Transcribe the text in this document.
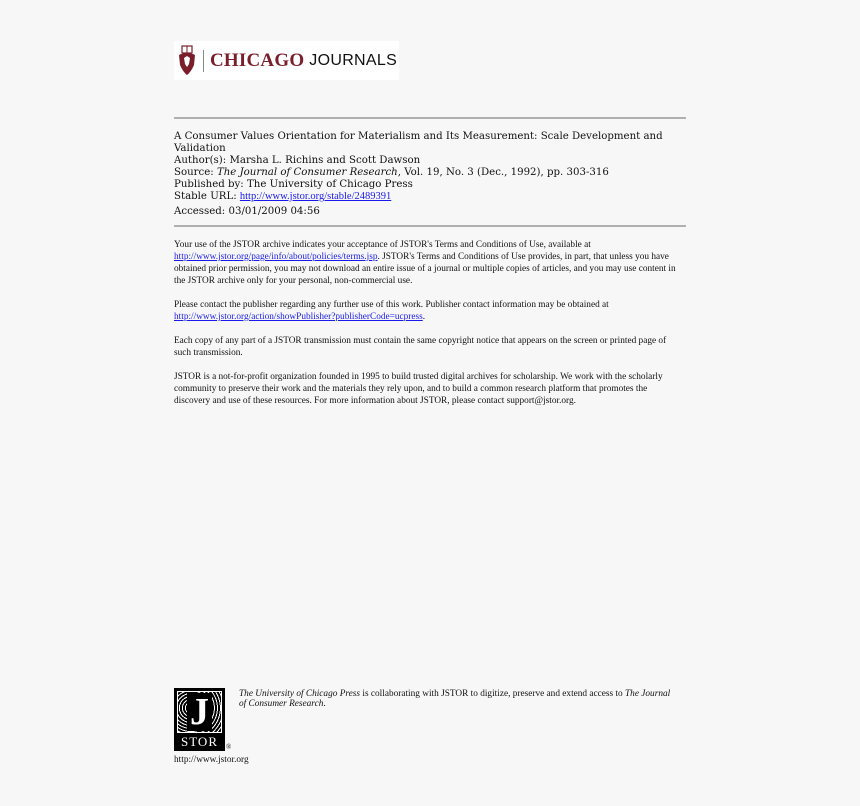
CHICAGO JOURNALS
A Consumer Values Orientation for Materialism and Its Measurement: Scale Development and
Validation
Author(s): Marsha L. Richins and Scott Dawson
Source: The Journal of Consumer Research, Vol. 19, No. 3 (Dec., 1992), pp. 303-316
Published by: The University of Chicago Press
Stable URL: http://www.jstor.org/stable/2489391
Accessed: 03/01/2009 04:56
Your use of the JSTOR archive indicates your acceptance of JSTOR's Terms and Conditions of Use, available at
http://www.jstor.org/page/info/about/policies/terms.jsp. JSTOR's Terms and Conditions of Use provides, in part, that unless you have obtained prior permission, you may not download an entire issue of a journal or multiple copies of articles, and you may use content in the JSTOR archive only for your personal, non-commercial use.
Please contact the publisher regarding any further use of this work. Publisher contact information may be obtained at
http://www.jstor.org/action/showPublisher?publisherCode=ucpress.
Each copy of any part of a JSTOR transmission must contain the same copyright notice that appears on the screen or printed page of such transmission.
JSTOR is a not-for-profit organization founded in 1995 to build trusted digital archives for scholarship. We work with the scholarly community to preserve their work and the materials they rely upon, and to build a common research platform that promotes the discovery and use of these resources. For more information about JSTOR, please contact support@jstor.org.
J
STOR	®
The University of Chicago Press is collaborating with JSTOR to digitize, preserve and extend access to The Journal of Consumer Research.
http://www.jstor.org
